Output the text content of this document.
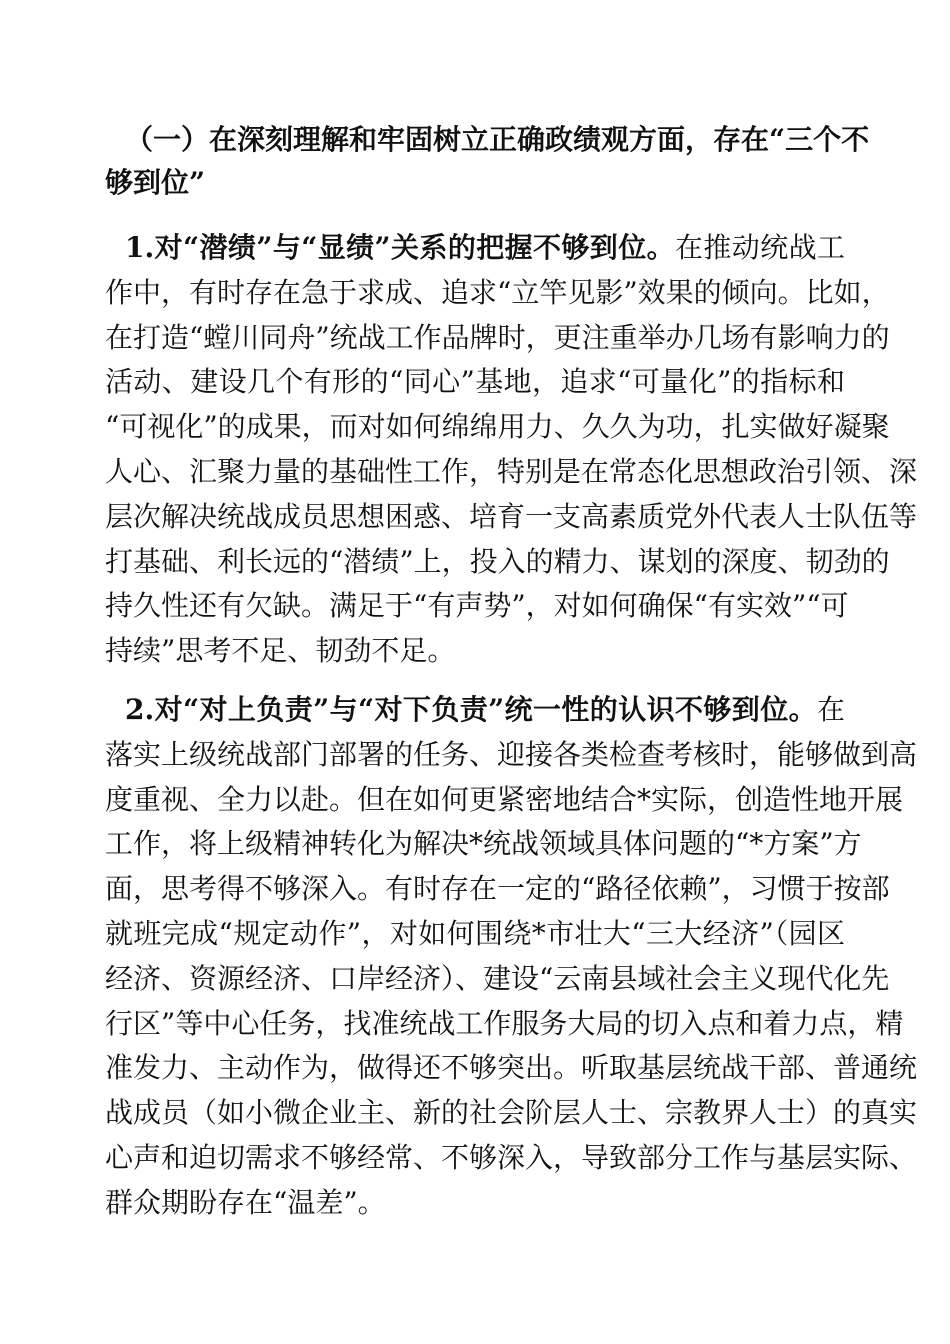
（一）在深刻理解和牢固树立正确政绩观方面，存在“三个不
够到位”
1.对“潜绩”与“显绩”关系的把握不够到位。在推动统战工
作中，有时存在急于求成、追求“立竿见影”效果的倾向。比如，
在打造“螳川同舟”统战工作品牌时，更注重举办几场有影响力的
活动、建设几个有形的“同心”基地，追求“可量化”的指标和
“可视化”的成果，而对如何绵绵用力、久久为功，扎实做好凝聚
人心、汇聚力量的基础性工作，特别是在常态化思想政治引领、深
层次解决统战成员思想困惑、培育一支高素质党外代表人士队伍等
打基础、利长远的“潜绩”上，投入的精力、谋划的深度、韧劲的
持久性还有欠缺。满足于“有声势”，对如何确保“有实效”“可
持续”思考不足、韧劲不足。
2.对“对上负责”与“对下负责”统一性的认识不够到位。在
落实上级统战部门部署的任务、迎接各类检查考核时，能够做到高
度重视、全力以赴。但在如何更紧密地结合*实际，创造性地开展
工作，将上级精神转化为解决*统战领域具体问题的“*方案”方
面，思考得不够深入。有时存在一定的“路径依赖”，习惯于按部
就班完成“规定动作”，对如何围绕*市壮大“三大经济”（园区
经济、资源经济、口岸经济）、建设“云南县域社会主义现代化先
行区”等中心任务，找准统战工作服务大局的切入点和着力点，精
准发力、主动作为，做得还不够突出。听取基层统战干部、普通统
战成员（如小微企业主、新的社会阶层人士、宗教界人士）的真实
心声和迫切需求不够经常、不够深入，导致部分工作与基层实际、
群众期盼存在“温差”。
